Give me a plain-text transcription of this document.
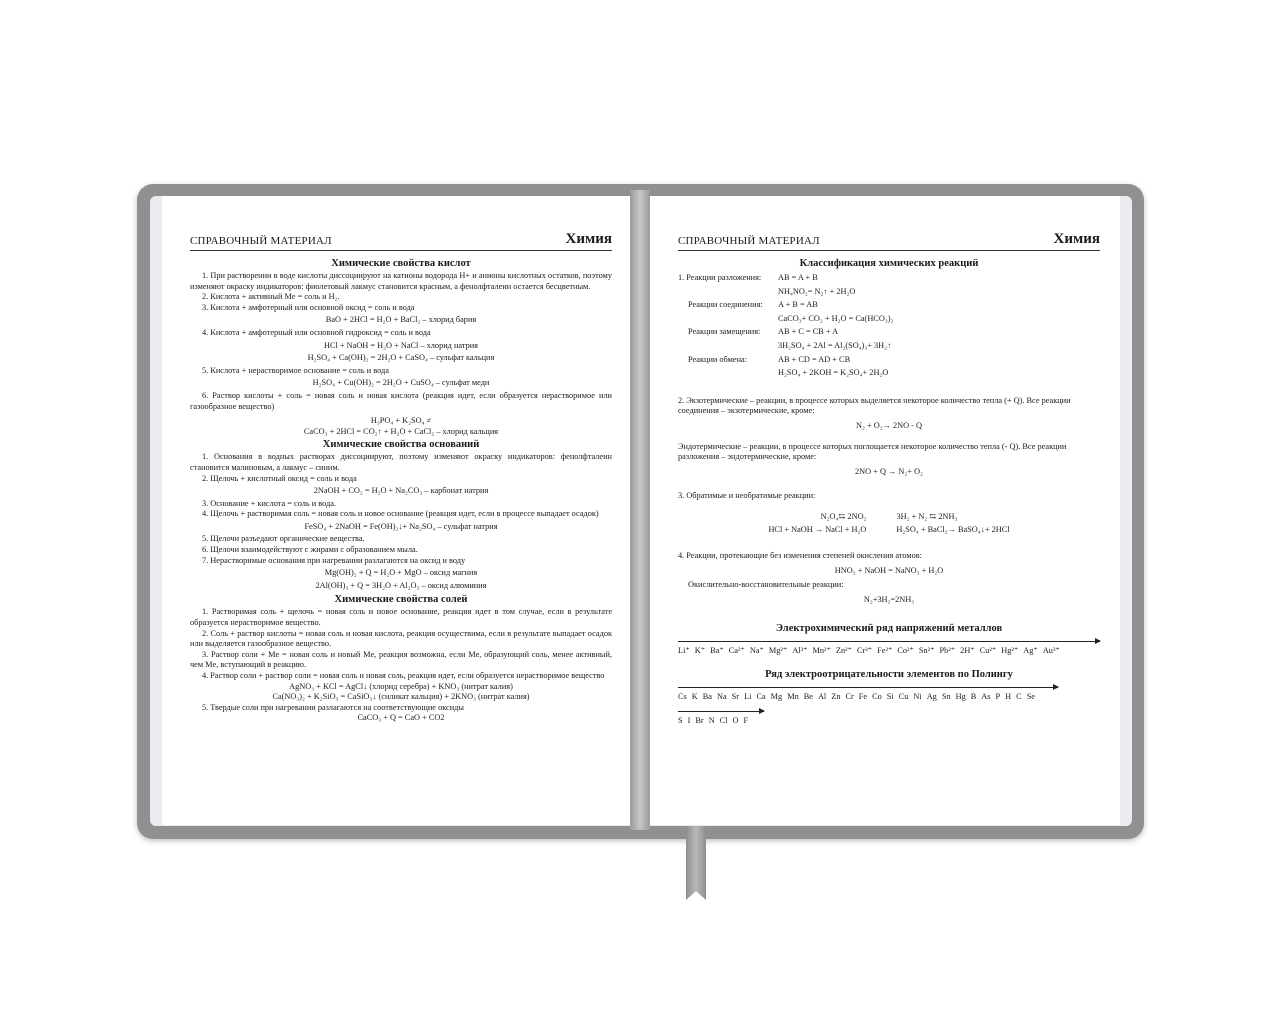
СПРАВОЧНЫЙ МАТЕРИАЛ	Химия
Химические свойства кислот
1. При растворении в воде кислоты диссоциируют на катионы водорода H+ и анионы кислотных остатков, поэтому изменяют окраску индикаторов: фиолетовый лакмус становится красным, а фенолфталеин остается бесцветным.
2. Кислота + активный Me = соль и H₂.
3. Кислота + амфотерный или основной оксид = соль и вода
BaO + 2HCl = H₂O + BaCl₂ – хлорид бария
4. Кислота + амфотерный или основной гидроксид = соль и вода
HCl + NaOH = H₂O + NaCl – хлорид натрия
H₂SO₄ + Ca(OH)₂ = 2H₂O + CaSO₄ – сульфат кальция
5. Кислота + нерастворимое основание = соль и вода
H₂SO₄ + Cu(OH)₂ = 2H₂O + CuSO₄ – сульфат меди
6. Раствор кислоты + соль = новая соль и новая кислота (реакция идет, если образуется нерастворимое или газообразное вещество)
H₃PO₄ + K₂SO₄ ≠
CaCO₃ + 2HCl = CO₂↑ + H₂O + CaCl₂ – хлорид кальция
Химические свойства оснований
1. Основания в водных растворах диссоциируют, поэтому изменяют окраску индикаторов: фенолфталеин становится малиновым, а лакмус – синим.
2. Щелочь + кислотный оксид = соль и вода
2NaOH + CO₂ = H₂O + Na₂CO₃ – карбонат натрия
3. Основание + кислота = соль и вода.
4. Щелочь + растворимая соль = новая соль и новое основание (реакция идет, если в процессе выпадает осадок)
FeSO₄ + 2NaOH = Fe(OH)₂↓+ Na₂SO₄ – сульфат натрия
5. Щелочи разъедают органические вещества.
6. Щелочи взаимодействуют с жирами с образованием мыла.
7. Нерастворимые основания при нагревании разлагаются на оксид и воду
Mg(OH)₂ + Q = H₂O + MgO – оксид магния
2Al(OH)₃ + Q = 3H₂O + Al₂O₃ – оксид алюминия
Химические свойства солей
1. Растворимая соль + щелочь = новая соль и новое основание, реакция идет в том случае, если в результате образуется нерастворимое вещество.
2. Соль + раствор кислоты = новая соль и новая кислота, реакция осуществима, если в результате выпадает осадок или выделяется газообразное вещество.
3. Раствор соли + Me = новая соль и новый Me, реакция возможна, если Me, образующий соль, менее активный, чем Me, вступающий в реакцию.
4. Раствор соли + раствор соли = новая соль и новая соль, реакция идет, если образуется нерастворимое вещество
AgNO₃ + KCl = AgCl↓ (хлорид серебра) + KNO₃ (нитрат калия)
Ca(NO₃)₂ + K₂SiO₃ = CaSiO₃↓ (силикат кальция) + 2KNO₃ (нитрат калия)
5. Твердые соли при нагревании разлагаются на соответствующие оксиды
CaCO₃ + Q = CaO + CO2
СПРАВОЧНЫЙ МАТЕРИАЛ	Химия
Классификация химических реакций
1. Реакции разложения:	AB = A + B
NH₄NO₂= N₂↑ + 2H₂O
Реакции соединения:	A + B = AB
CaCO₃+ CO₂ + H₂O = Ca(HCO₃)₂
Реакции замещения:	AB + C = CB + A
3H₂SO₄ + 2Al = Al₂(SO₄)₃+ 3H₂↑
Реакции обмена:	AB + CD = AD + CB
H₂SO₄ + 2KOH = K₂SO₄+ 2H₂O
2. Экзотермические – реакции, в процессе которых выделяется некоторое количество тепла (+ Q). Все реакции соединения – экзотермические, кроме:
N₂ + O₂→ 2NO - Q
Эндотермические – реакции, в процессе которых поглощается некоторое количество тепла (- Q). Все реакции разложения – эндотермические, кроме:
2NO + Q → N₂+ O₂
3. Обратимые и необратимые реакции:
N₂O₄⇆ 2NO₂	3H₂ + N₂ ⇆ 2NH₃
HCl + NaOH → NaCl + H₂O	H₂SO₄ + BaCl₂→ BaSO₄↓+ 2HCl
4. Реакции, протекающие без изменения степеней окисления атомов:
HNO₃ + NaOH = NaNO₃ + H₂O
Окислительно-восстановительные реакции:
N₂+3H₂=2NH₃
Электрохимический ряд напряжений металлов
Li⁺ K⁺ Ba⁺ Ca²⁺ Na⁺ Mg²⁺ Al³⁺ Mn²⁺ Zn²⁺ Cr²⁺ Fe²⁺ Co²⁺ Sn²⁺ Pb²⁺ 2H⁺ Cu²⁺ Hg²⁺ Ag⁺ Au³⁺
Ряд электроотрицательности элементов по Полингу
Cs K Ba Na Sr Li Ca Mg Mn Be Al Zn Cr Fe Co Si Cu Ni Ag Sn Hg B As P H C Se
S I Br N Cl O F
